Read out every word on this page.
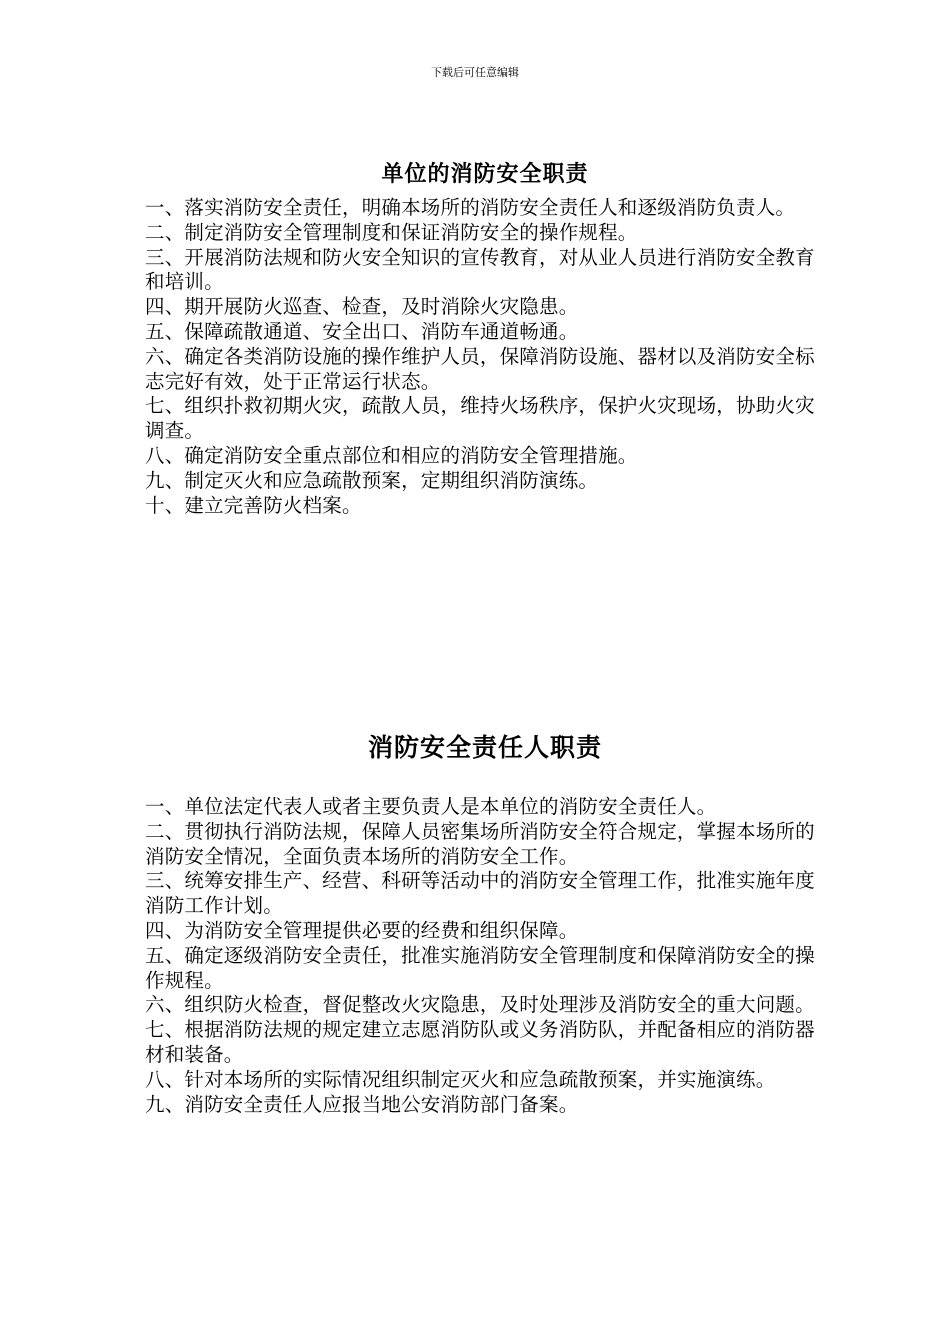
下载后可任意编辑
单位的消防安全职责

一、落实消防安全责任，明确本场所的消防安全责任人和逐级消防负责人。

二、制定消防安全管理制度和保证消防安全的操作规程。

三、开展消防法规和防火安全知识的宣传教育，对从业人员进行消防安全教育和培训。

四、期开展防火巡查、检查，及时消除火灾隐患。

五、保障疏散通道、安全出口、消防车通道畅通。

六、确定各类消防设施的操作维护人员，保障消防设施、器材以及消防安全标志完好有效，处于正常运行状态。

七、组织扑救初期火灾，疏散人员，维持火场秩序，保护火灾现场，协助火灾调查。

八、确定消防安全重点部位和相应的消防安全管理措施。

九、制定灭火和应急疏散预案，定期组织消防演练。

十、建立完善防火档案。

消防安全责任人职责

一、单位法定代表人或者主要负责人是本单位的消防安全责任人。

二、贯彻执行消防法规，保障人员密集场所消防安全符合规定，掌握本场所的消防安全情况，全面负责本场所的消防安全工作。

三、统筹安排生产、经营、科研等活动中的消防安全管理工作，批准实施年度消防工作计划。

四、为消防安全管理提供必要的经费和组织保障。

五、确定逐级消防安全责任，批准实施消防安全管理制度和保障消防安全的操作规程。

六、组织防火检查，督促整改火灾隐患，及时处理涉及消防安全的重大问题。

七、根据消防法规的规定建立志愿消防队或义务消防队，并配备相应的消防器材和装备。

八、针对本场所的实际情况组织制定灭火和应急疏散预案，并实施演练。

九、消防安全责任人应报当地公安消防部门备案。
